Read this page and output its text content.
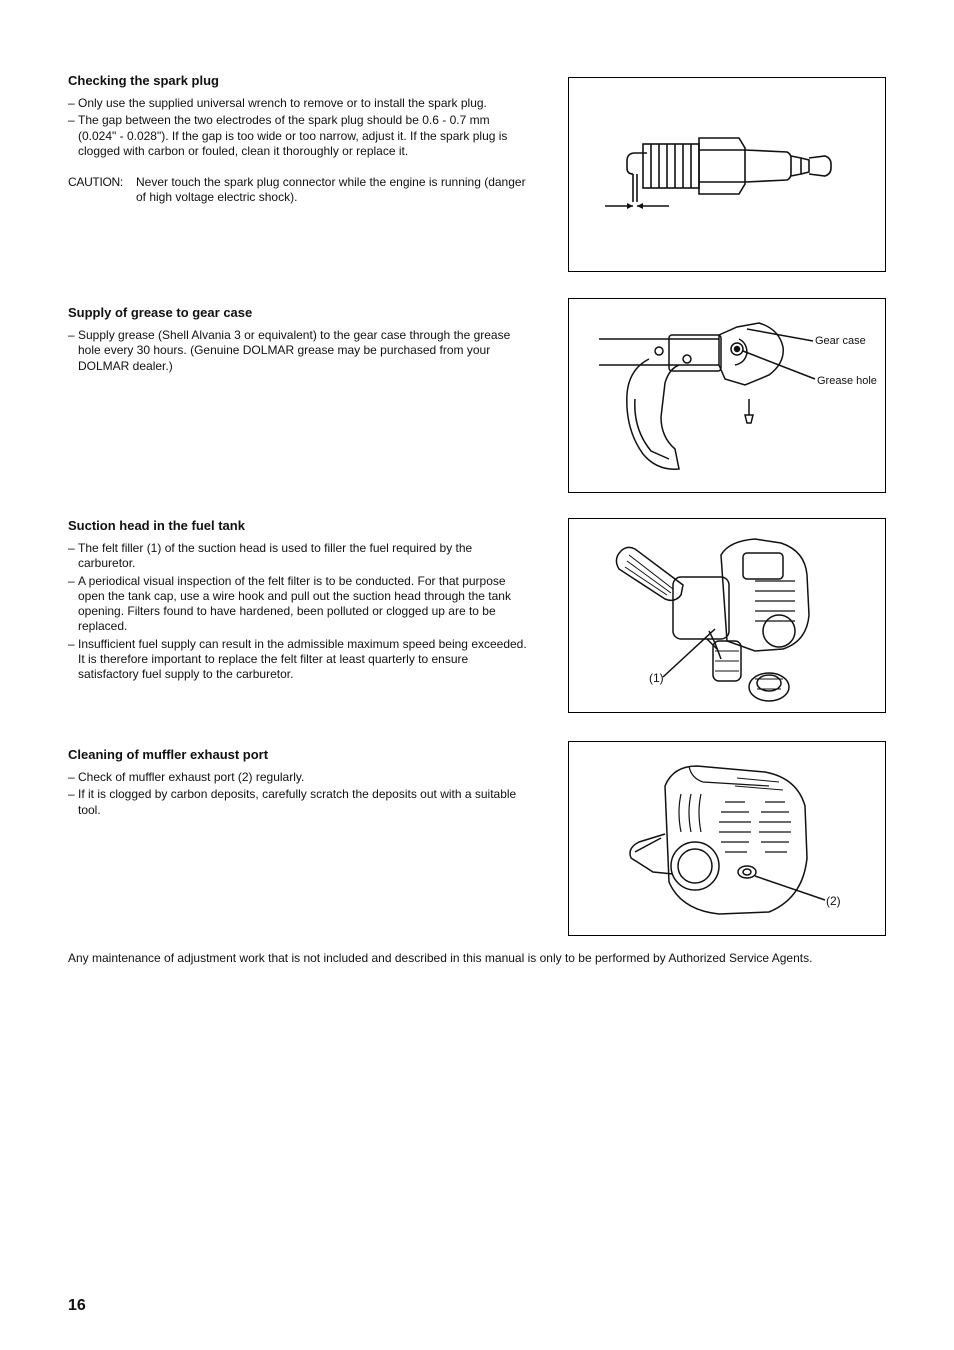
Checking the spark plug
– Only use the supplied universal wrench to remove or to install the spark plug.
– The gap between the two electrodes of the spark plug should be 0.6 - 0.7 mm (0.024" - 0.028"). If the gap is too wide or too narrow, adjust it. If the spark plug is clogged with carbon or fouled, clean it thoroughly or replace it.
CAUTION:	Never touch the spark plug connector while the engine is running (danger of high voltage electric shock).
Supply of grease to gear case
– Supply grease (Shell Alvania 3 or equivalent) to the gear case through the grease hole every 30 hours. (Genuine DOLMAR grease may be purchased from your DOLMAR dealer.)
Gear case
Grease hole
Suction head in the fuel tank
– The felt filler (1) of the suction head is used to filler the fuel required by the carburetor.
– A periodical visual inspection of the felt filter is to be conducted. For that purpose open the tank cap, use a wire hook and pull out the suction head through the tank opening. Filters found to have hardened, been polluted or clogged up are to be replaced.
– Insufficient fuel supply can result in the admissible maximum speed being exceeded. It is therefore important to replace the felt filter at least quarterly to ensure satisfactory fuel supply to the carburetor.	(1)
Cleaning of muffler exhaust port
– Check of muffler exhaust port (2) regularly.
– If it is clogged by carbon deposits, carefully scratch the deposits out with a suitable tool.
(2)
Any maintenance of adjustment work that is not included and described in this manual is only to be performed by Authorized Service Agents.
16
